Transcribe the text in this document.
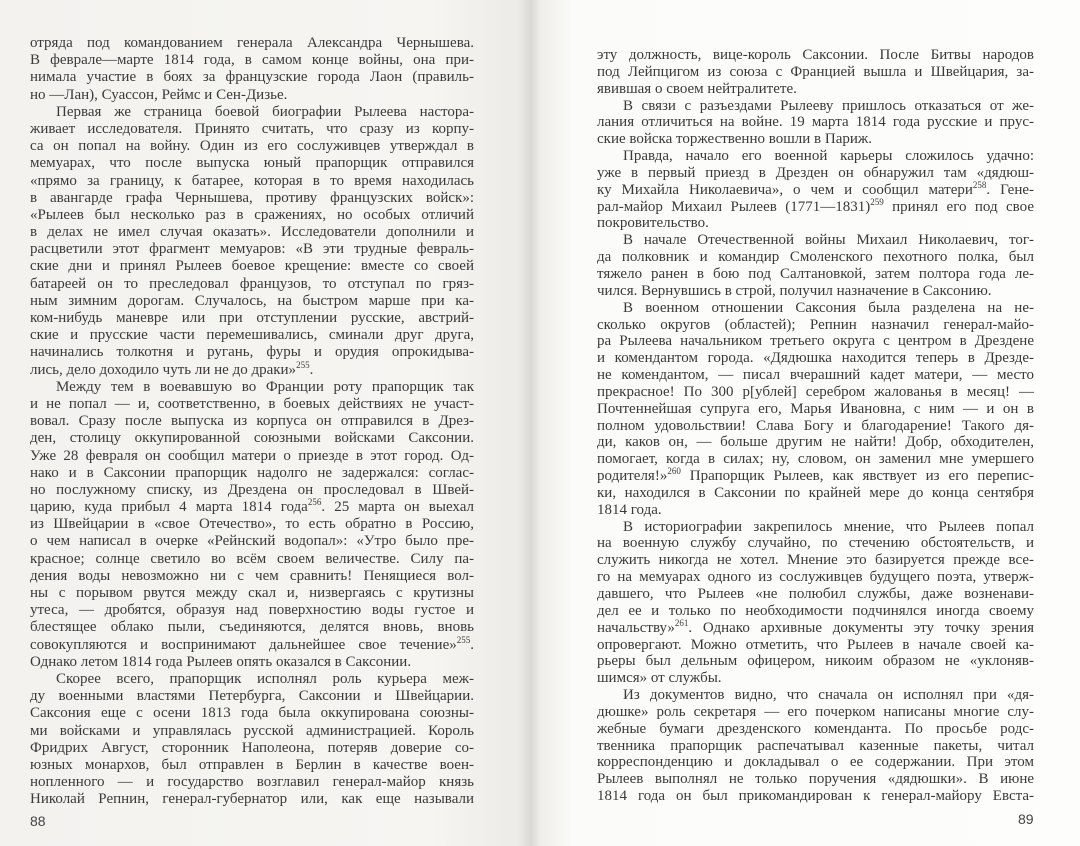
отряда под командованием генерала Александра Чернышева.
В феврале—марте 1814 года, в самом конце войны, она при-
нимала участие в боях за французские города Лаон (правиль-
но —Лан), Суассон, Реймс и Сен-Дизье.
Первая же страница боевой биографии Рылеева настора-
живает исследователя. Принято считать, что сразу из корпу-
са он попал на войну. Один из его сослуживцев утверждал в
мемуарах, что после выпуска юный прапорщик отправился
«прямо за границу, к батарее, которая в то время находилась
в авангарде графа Чернышева, противу французских войск»:
«Рылеев был несколько раз в сражениях, но особых отличий
в делах не имел случая оказать». Исследователи дополнили и
расцветили этот фрагмент мемуаров: «В эти трудные февраль-
ские дни и принял Рылеев боевое крещение: вместе со своей
батареей он то преследовал французов, то отступал по гряз-
ным зимним дорогам. Случалось, на быстром марше при ка-
ком-нибудь маневре или при отступлении русские, австрий-
ские и прусские части перемешивались, сминали друг друга,
начинались толкотня и ругань, фуры и орудия опрокидыва-
лись, дело доходило чуть ли не до драки»$^{255}$.
Между тем в воевавшую во Франции роту прапорщик так
и не попал — и, соответственно, в боевых действиях не участ-
вовал. Сразу после выпуска из корпуса он отправился в Дрез-
ден, столицу оккупированной союзными войсками Саксонии.
Уже 28 февраля он сообщил матери о приезде в этот город. Од-
нако и в Саксонии прапорщик надолго не задержался: соглас-
но послужному списку, из Дрездена он проследовал в Швей-
царию, куда прибыл 4 марта 1814 года$^{256}$. 25 марта он выехал
из Швейцарии в «свое Отечество», то есть обратно в Россию,
о чем написал в очерке «Рейнский водопал»: «Утро было пре-
красное; солнце светило во всём своем величестве. Силу па-
дения воды невозможно ни с чем сравнить! Пенящиеся вол-
ны с порывом рвутся между скал и, низвергаясь с крутизны
утеса, — дробятся, образуя над поверхностию воды густое и
блестящее облако пыли, съединяются, делятся вновь, вновь
совокупляются и воспринимают дальнейшее свое течение»$^{255}$.
Однако летом 1814 года Рылеев опять оказался в Саксонии.
Скорее всего, прапорщик исполнял роль курьера меж-
ду военными властями Петербурга, Саксонии и Швейцарии.
Саксония еще с осени 1813 года была оккупирована союзны-
ми войсками и управлялась русской администрацией. Король
Фридрих Август, сторонник Наполеона, потеряв доверие со-
юзных монархов, был отправлен в Берлин в качестве воен-
нопленного — и государство возглавил генерал-майор князь
Николай Репнин, генерал-губернатор или, как еще называли
эту должность, вице-король Саксонии. После Битвы народов
под Лейпцигом из союза с Францией вышла и Швейцария, за-
явившая о своем нейтралитете.
В связи с разъездами Рылееву пришлось отказаться от же-
лания отличиться на войне. 19 марта 1814 года русские и прус-
ские войска торжественно вошли в Париж.
Правда, начало его военной карьеры сложилось удачно:
уже в первый приезд в Дрезден он обнаружил там «дядюш-
ку Михайла Николаевича», о чем и сообщил матери$^{258}$. Гене-
рал-майор Михаил Рылеев (1771—1831)$^{259}$ принял его под свое
покровительство.
В начале Отечественной войны Михаил Николаевич, тог-
да полковник и командир Смоленского пехотного полка, был
тяжело ранен в бою под Салтановкой, затем полтора года ле-
чился. Вернувшись в строй, получил назначение в Саксонию.
В военном отношении Саксония была разделена на не-
сколько округов (областей); Репнин назначил генерал-майо-
ра Рылеева начальником третьего округа с центром в Дрездене
и комендантом города. «Дядюшка находится теперь в Дрезде-
не комендантом, — писал вчерашний кадет матери, — место
прекрасное! По 300 р[ублей] серебром жалованья в месяц! —
Почтеннейшая супруга его, Марья Ивановна, с ним — и он в
полном удовольствии! Слава Богу и благодарение! Такого дя-
ди, каков он, — больше другим не найти! Добр, обходителен,
помогает, когда в силах; ну, словом, он заменил мне умершего
родителя!»$^{260}$ Прапорщик Рылеев, как явствует из его перепис-
ки, находился в Саксонии по крайней мере до конца сентября
1814 года.
В историографии закрепилось мнение, что Рылеев попал
на военную службу случайно, по стечению обстоятельств, и
служить никогда не хотел. Мнение это базируется прежде все-
го на мемуарах одного из сослуживцев будущего поэта, утверж-
давшего, что Рылеев «не полюбил службы, даже возненави-
дел ее и только по необходимости подчинялся иногда своему
начальству»$^{261}$. Однако архивные документы эту точку зрения
опровергают. Можно отметить, что Рылеев в начале своей ка-
рьеры был дельным офицером, никоим образом не «уклоняв-
шимся» от службы.
Из документов видно, что сначала он исполнял при «дя-
дюшке» роль секретаря — его почерком написаны многие слу-
жебные бумаги дрезденского коменданта. По просьбе родс-
твенника прапорщик распечатывал казенные пакеты, читал
корреспонденцию и докладывал о ее содержании. При этом
Рылеев выполнял не только поручения «дядюшки». В июне
1814 года он был прикомандирован к генерал-майору Евста-
88	89
